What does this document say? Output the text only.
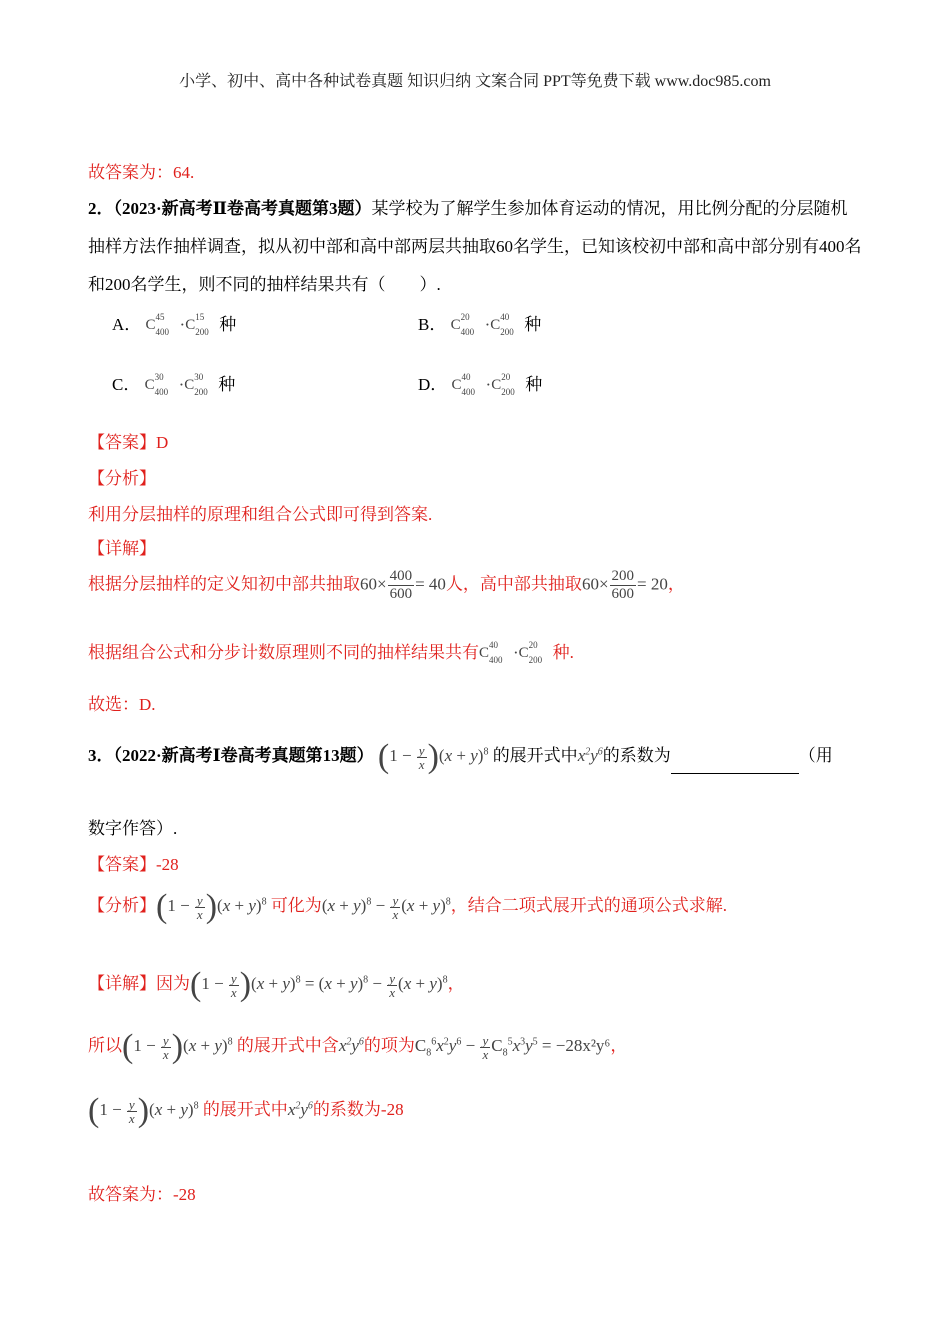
小学、初中、高中各种试卷真题 知识归纳 文案合同 PPT等免费下载 www.doc985.com
故答案为：64.
2．（2023·新高考Ⅱ卷高考真题第3题）某学校为了解学生参加体育运动的情况，用比例分配的分层随机
抽样方法作抽样调查，拟从初中部和高中部两层共抽取60名学生，已知该校初中部和高中部分别有400名
和200名学生，则不同的抽样结果共有（　　）.
A． C 45
400 · C 15
200 种	B． C 20
400 · C 40
200 种
C． C 30
400 · C 30
200 种	D． C 40
400 · C 20
200 种
【答案】D
【分析】
利用分层抽样的原理和组合公式即可得到答案.
【详解】
根据分层抽样的定义知初中部共抽取$60\times \frac{400}{600} = 40$人，高中部共抽取$60\times \frac{200}{600} = 20$，
根据组合公式和分步计数原理则不同的抽样结果共有 C 40
400 · C 20
200 种.
故选：D.
3．（2022·新高考Ⅰ卷高考真题第13题） $(1 - \frac{y}{x} )(x + y)^8$ 的展开式中$x^2y^6$的系数为	（用
数字作答）.
【答案】-28
【分析】$(1 - \frac{y}{x} )(x + y)^8$ 可化为$(x + y)^8 - \frac{y}{x} (x + y)^8$，结合二项式展开式的通项公式求解.
【详解】因为$(1 - \frac{y}{x} )(x + y)^8 = (x + y)^8 - \frac{y}{x} (x + y)^8$，
所以$(1 - \frac{y}{x} )(x + y)^8$ 的展开式中含$x^2y^6$的项为$C_8^6x^2y^6 - \frac{y}{x} C_8^5x^3y^5 = -28x^2y^6$，
$(1 - \frac{y}{x} )(x + y)^8$ 的展开式中$x^2y^6$的系数为-28
故答案为：-28
